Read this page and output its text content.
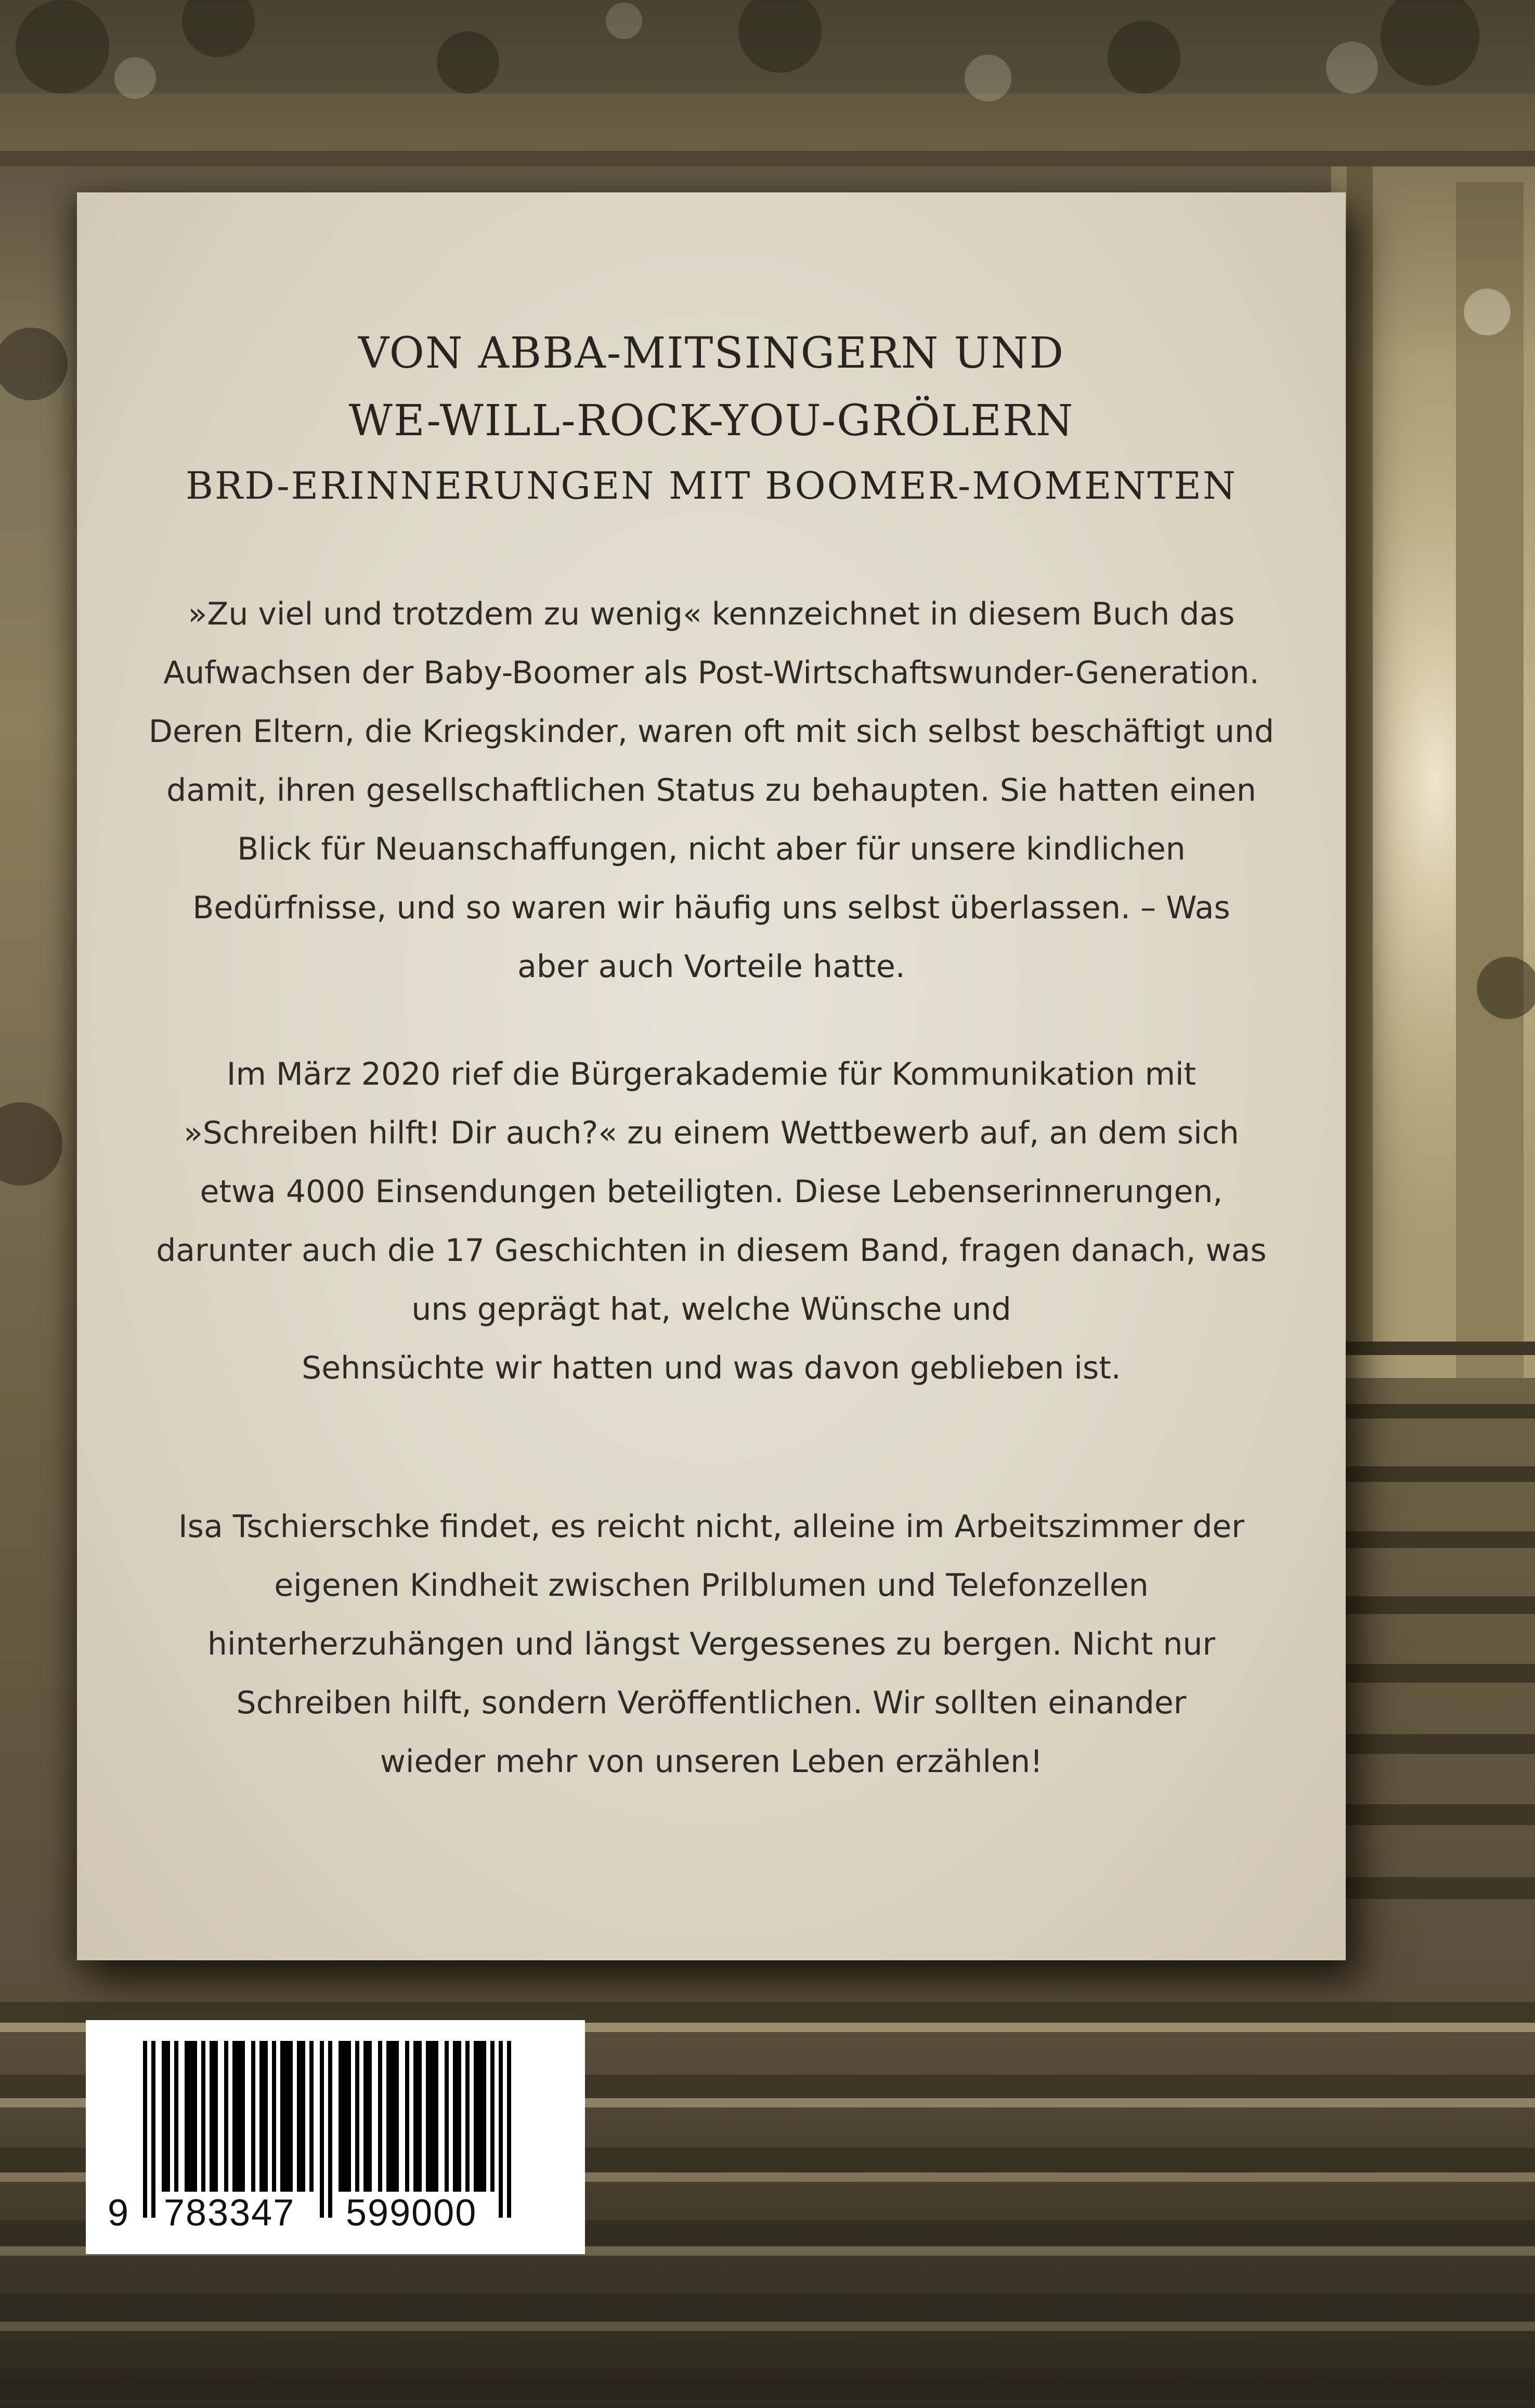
VON ABBA-MITSINGERN UND
WE-WILL-ROCK-YOU-GRÖLERN
BRD-ERINNERUNGEN MIT BOOMER-MOMENTEN

»Zu viel und trotzdem zu wenig« kennzeichnet in diesem Buch das
Aufwachsen der Baby-Boomer als Post-Wirtschaftswunder-Generation.
Deren Eltern, die Kriegskinder, waren oft mit sich selbst beschäftigt und
damit, ihren gesellschaftlichen Status zu behaupten. Sie hatten einen
Blick für Neuanschaffungen, nicht aber für unsere kindlichen
Bedürfnisse, und so waren wir häufig uns selbst überlassen. – Was
aber auch Vorteile hatte.

Im März 2020 rief die Bürgerakademie für Kommunikation mit
»Schreiben hilft! Dir auch?« zu einem Wettbewerb auf, an dem sich
etwa 4000 Einsendungen beteiligten. Diese Lebenserinnerungen,
darunter auch die 17 Geschichten in diesem Band, fragen danach, was
uns geprägt hat, welche Wünsche und
Sehnsüchte wir hatten und was davon geblieben ist.

Isa Tschierschke findet, es reicht nicht, alleine im Arbeitszimmer der
eigenen Kindheit zwischen Prilblumen und Telefonzellen
hinterherzuhängen und längst Vergessenes zu bergen. Nicht nur
Schreiben hilft, sondern Veröffentlichen. Wir sollten einander
wieder mehr von unseren Leben erzählen!

9 783347 599000
